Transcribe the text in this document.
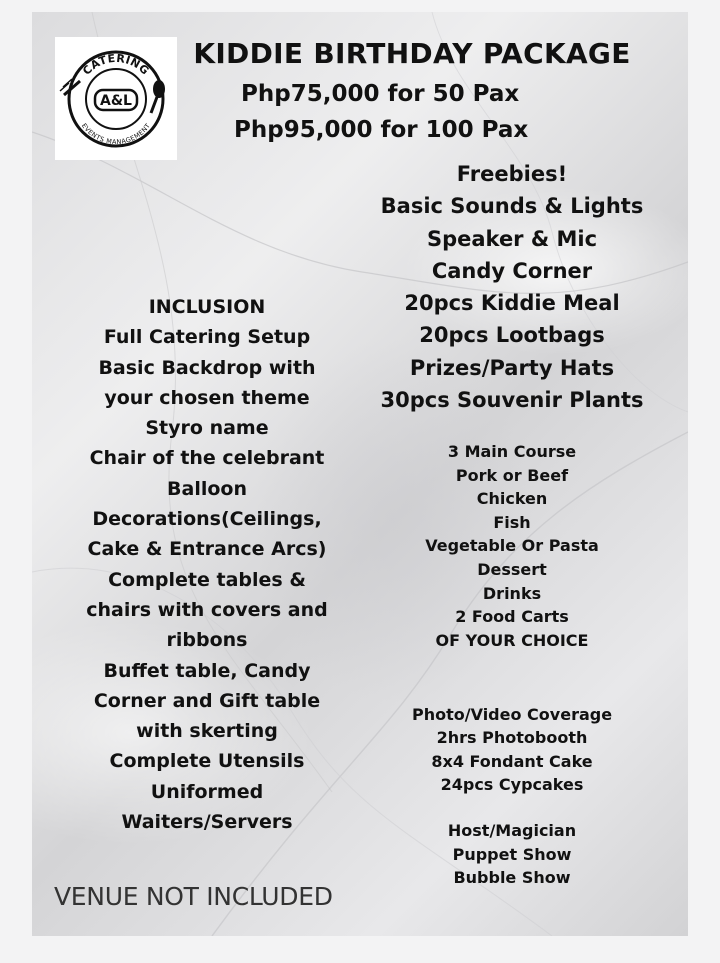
CATERING
EVENTS MANAGEMENT
A&L
KIDDIE BIRTHDAY PACKAGE
Php75,000 for 50 Pax
Php95,000 for 100 Pax
Freebies!
Basic Sounds & Lights
Speaker & Mic
Candy Corner
20pcs Kiddie Meal
20pcs Lootbags
Prizes/Party Hats
30pcs Souvenir Plants
INCLUSION
Full Catering Setup
Basic Backdrop with
your chosen theme
Styro name
Chair of the celebrant
Balloon
Decorations(Ceilings,
Cake & Entrance Arcs)
Complete tables &
chairs with covers and
ribbons
Buffet table, Candy
Corner and Gift table
with skerting
Complete Utensils
Uniformed
Waiters/Servers
3 Main Course
Pork or Beef
Chicken
Fish
Vegetable Or Pasta
Dessert
Drinks
2 Food Carts
OF YOUR CHOICE
Photo/Video Coverage
2hrs Photobooth
8x4 Fondant Cake
24pcs Cypcakes
Host/Magician
Puppet Show
Bubble Show
VENUE NOT INCLUDED
